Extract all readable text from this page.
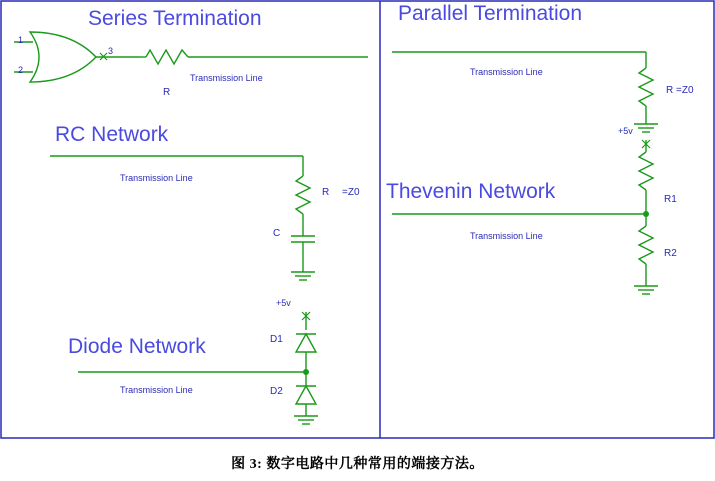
Series Termination
1
2
3
R
Transmission Line
Parallel Termination
Transmission Line
R =Z0
RC Network
Transmission Line
R =Z0
C
Thevenin Network
+5v
R1
Transmission Line
R2
Diode Network
+5v
D1
Transmission Line	D2
图 3: 数字电路中几种常用的端接方法。
